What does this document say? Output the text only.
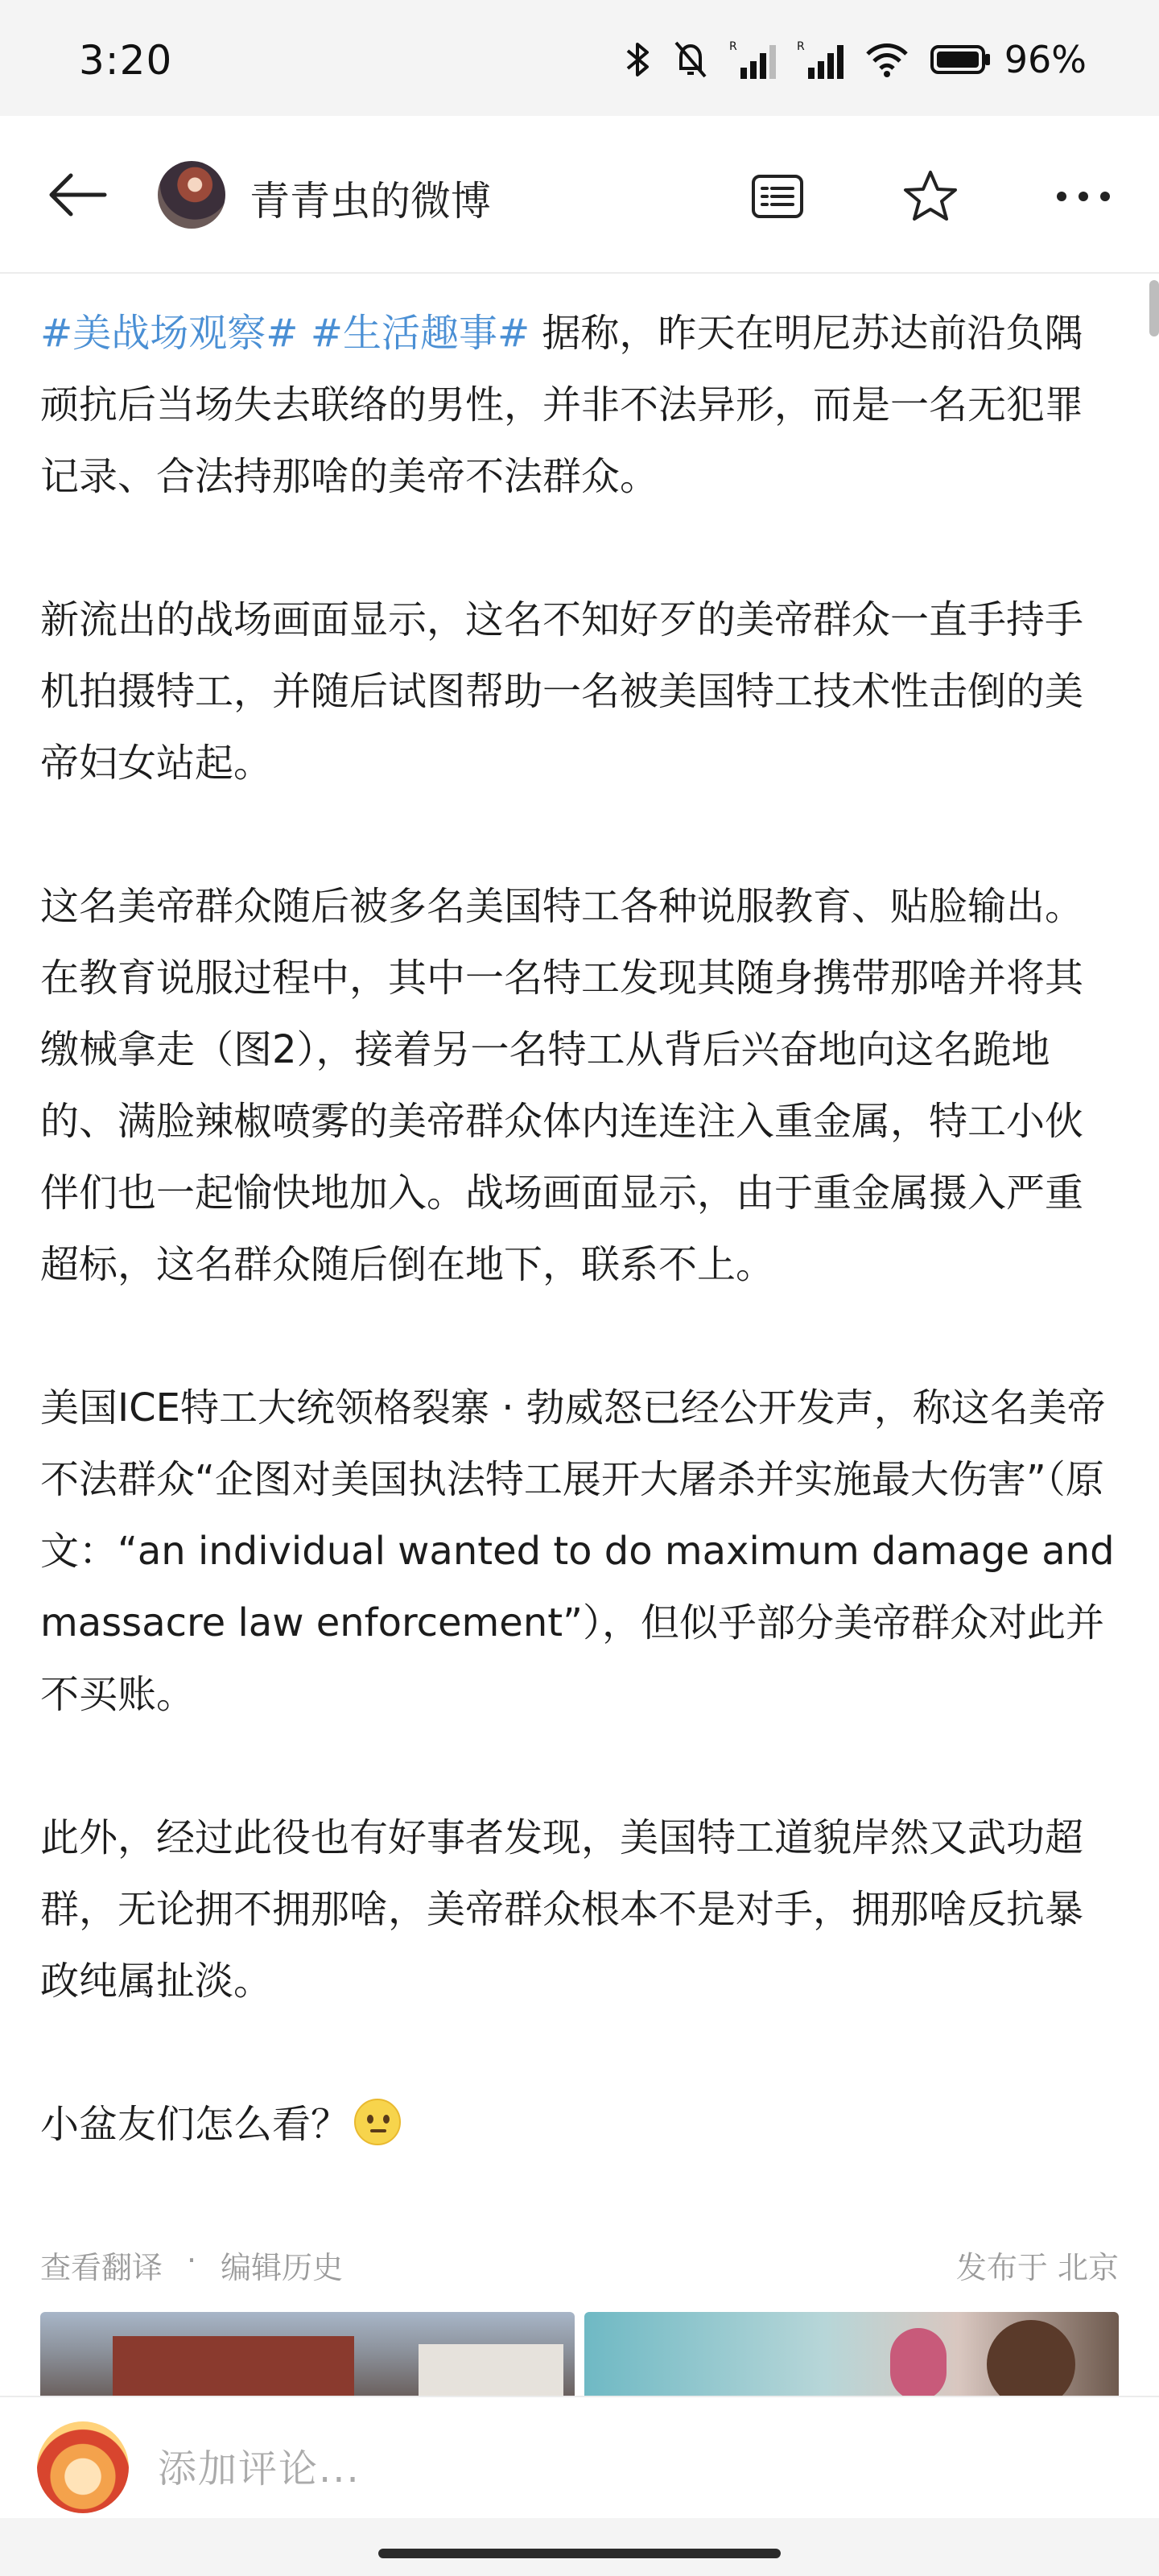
3:20	R	R	96%
青青虫的微博

#美战场观察# #生活趣事# 据称，昨天在明尼苏达前沿负隅顽抗后当场失去联络的男性，并非不法异形，而是一名无犯罪记录、合法持那啥的美帝不法群众。

新流出的战场画面显示，这名不知好歹的美帝群众一直手持手机拍摄特工，并随后试图帮助一名被美国特工技术性击倒的美帝妇女站起。

这名美帝群众随后被多名美国特工各种说服教育、贴脸输出。在教育说服过程中，其中一名特工发现其随身携带那啥并将其缴械拿走（图2），接着另一名特工从背后兴奋地向这名跪地的、满脸辣椒喷雾的美帝群众体内连连注入重金属，特工小伙伴们也一起愉快地加入。战场画面显示，由于重金属摄入严重超标，这名群众随后倒在地下，联系不上。

美国ICE特工大统领格裂寨 · 勃威怒已经公开发声，称这名美帝不法群众“企图对美国执法特工展开大屠杀并实施最大伤害”（原文：“an individual wanted to do maximum damage and massacre law enforcement”），但似乎部分美帝群众对此并不买账。

此外，经过此役也有好事者发现，美国特工道貌岸然又武功超群，无论拥不拥那啥，美帝群众根本不是对手，拥那啥反抗暴政纯属扯淡。

小盆友们怎么看？

查看翻译 · 编辑历史	发布于 北京
添加评论...
